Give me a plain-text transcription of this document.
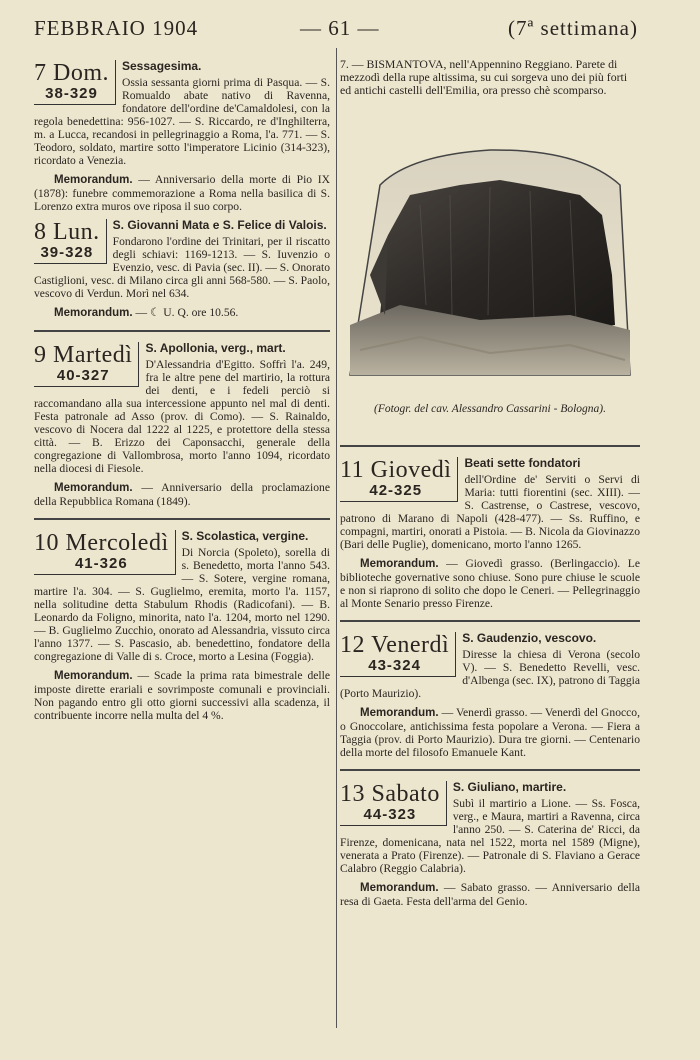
FEBBRAIO 1904	— 61 —	(7ª settimana)
7 Dom.
38-329
Sessagesima.
Ossia sessanta giorni prima di Pasqua. — S. Romualdo abate nativo di Ravenna, fondatore dell'ordine de'Camaldolesi, con la regola benedettina: 956-1027. — S. Riccardo, re d'Inghilterra, m. a Lucca, recandosi in pellegrinaggio a Roma, l'a. 771. — S. Teodoro, soldato, martire sotto l'imperatore Licinio (314-323), ricordato a Venezia.
Memorandum. — Anniversario della morte di Pio IX (1878): funebre commemorazione a Roma nella basilica di S. Lorenzo extra muros ove riposa il suo corpo.
8 Lun.
39-328
S. Giovanni Mata e S. Felice di Valois.
Fondarono l'ordine dei Trinitari, per il riscatto degli schiavi: 1169-1213. — S. Iuvenzio o Evenzio, vesc. di Pavia (sec. II). — S. Onorato Castiglioni, vesc. di Milano circa gli anni 568-580. — S. Paolo, vescovo di Verdun. Morì nel 634.
Memorandum. — ☾ U. Q. ore 10.56.
9 Martedì
40-327
S. Apollonia, verg., mart.
D'Alessandria d'Egitto. Soffrì l'a. 249, fra le altre pene del martirio, la rottura dei denti, e i fedeli perciò si raccomandano alla sua intercessione appunto nel mal di denti. Festa patronale ad Asso (prov. di Como). — S. Rainaldo, vescovo di Nocera dal 1222 al 1225, e protettore della stessa città. — B. Erizzo dei Caponsacchi, generale della congregazione di Vallombrosa, morto l'anno 1094, ricordato nella diocesi di Fiesole.
Memorandum. — Anniversario della proclamazione della Repubblica Romana (1849).
10 Mercoledì
41-326
S. Scolastica, vergine.
Di Norcia (Spoleto), sorella di s. Benedetto, morta l'anno 543. — S. Sotere, vergine romana, martire l'a. 304. — S. Guglielmo, eremita, morto l'a. 1157, nella solitudine detta Stabulum Rhodis (Radicofani). — B. Leonardo da Foligno, minorita, nato l'a. 1204, morto nel 1290. — B. Guglielmo Zucchio, onorato ad Alessandria, vissuto circa l'anno 1377. — S. Pascasio, ab. benedettino, fondatore della congregazione di Valle di s. Croce, morto a Lesina (Foggia).
Memorandum. — Scade la prima rata bimestrale delle imposte dirette erariali e sovrimposte comunali e provinciali. Non pagando entro gli otto giorni successivi alla scadenza, il contribuente incorre nella multa del 4 %.
7. — BISMANTOVA, nell'Appennino Reggiano. Parete di mezzodì della rupe altissima, su cui sorgeva uno dei più forti ed antichi castelli dell'Emilia, ora presso chè scomparso.
(Fotogr. del cav. Alessandro Cassarini - Bologna).
11 Giovedì
42-325
Beati sette fondatori
dell'Ordine de' Serviti o Servi di Maria: tutti fiorentini (sec. XIII). — S. Castrense, o Castrese, vescovo, patrono di Marano di Napoli (428-477). — Ss. Ruffino, e compagni, martiri, onorati a Pistoia. — B. Nicola da Giovinazzo (Bari delle Puglie), domenicano, morto l'anno 1265.
Memorandum. — Giovedì grasso. (Berlingaccio). Le biblioteche governative sono chiuse. Sono pure chiuse le scuole e non si riaprono di solito che dopo le Ceneri. — Pellegrinaggio al Monte Senario presso Firenze.
12 Venerdì
43-324
S. Gaudenzio, vescovo.
Diresse la chiesa di Verona (secolo V). — S. Benedetto Revelli, vesc. d'Albenga (sec. IX), patrono di Taggia (Porto Maurizio).
Memorandum. — Venerdì grasso. — Venerdì del Gnocco, o Gnoccolare, antichissima festa popolare a Verona. — Fiera a Taggia (prov. di Porto Maurizio). Dura tre giorni. — Centenario della morte del filosofo Emanuele Kant.
13 Sabato
44-323
S. Giuliano, martire.
Subì il martirio a Lione. — Ss. Fosca, verg., e Maura, martiri a Ravenna, circa l'anno 250. — S. Caterina de' Ricci, da Firenze, domenicana, nata nel 1522, morta nel 1589 (Migne), venerata a Prato (Firenze). — Patronale di S. Flaviano a Gerace Calabro (Reggio Calabria).
Memorandum. — Sabato grasso. — Anniversario della resa di Gaeta. Festa dell'arma del Genio.
